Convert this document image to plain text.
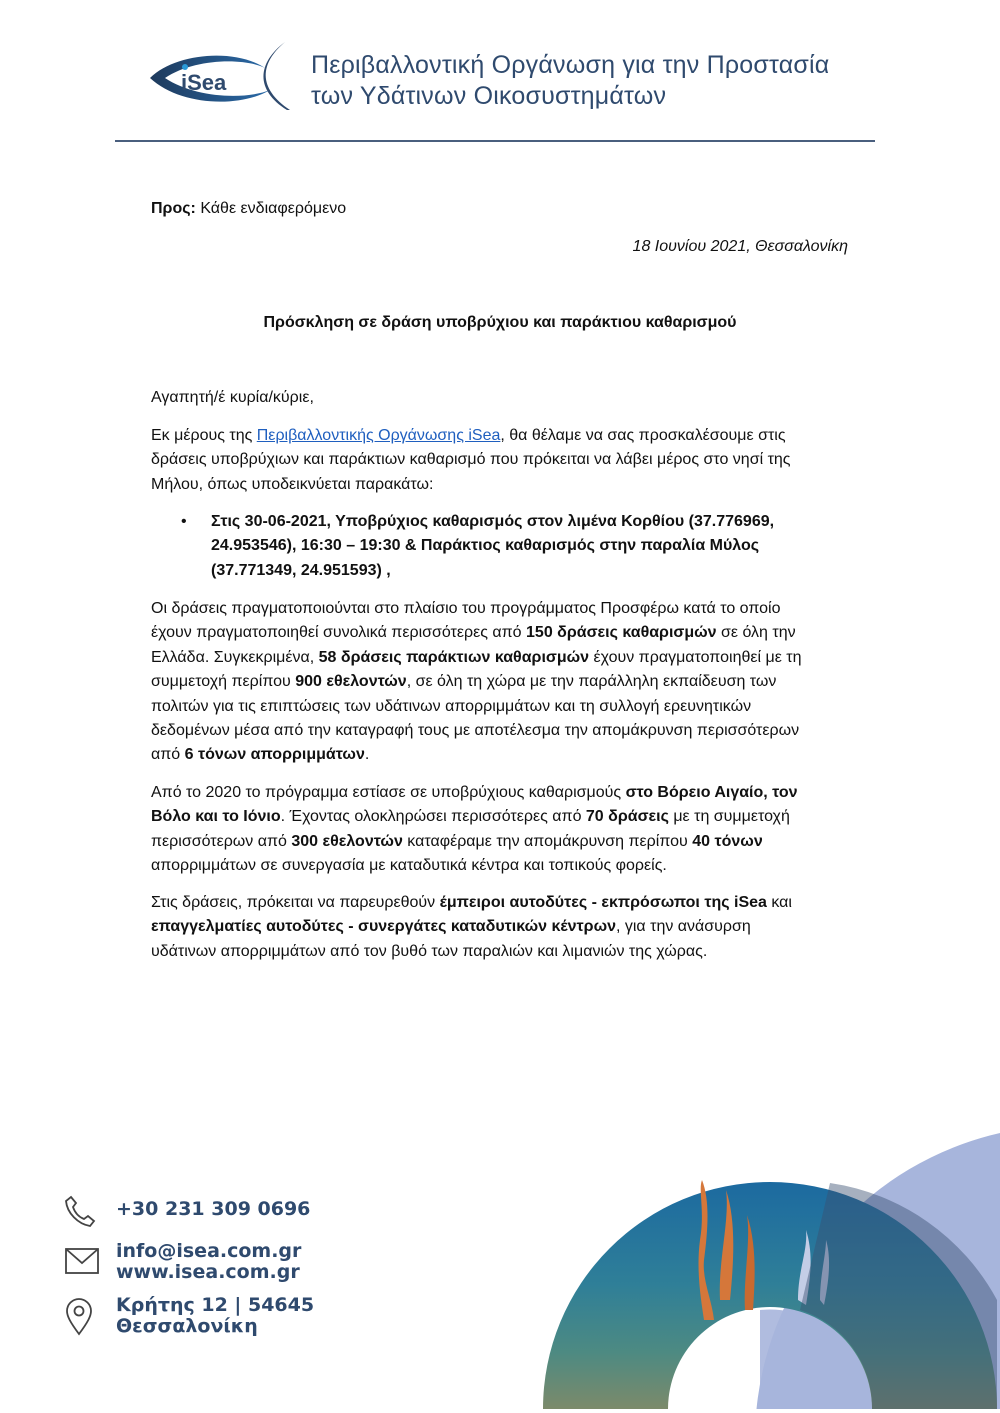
iSea
Περιβαλλοντική Οργάνωση για την Προστασία
των Υδάτινων Οικοσυστημάτων
Προς: Κάθε ενδιαφερόμενο
18 Ιουνίου 2021, Θεσσαλονίκη
Πρόσκληση σε δράση υποβρύχιου και παράκτιου καθαρισμού
Αγαπητή/έ κυρία/κύριε,
Εκ μέρους της Περιβαλλοντικής Οργάνωσης iSea, θα θέλαμε να σας προσκαλέσουμε στις
δράσεις υποβρύχιων και παράκτιων καθαρισμό που πρόκειται να λάβει μέρος στο νησί της
Μήλου, όπως υποδεικνύεται παρακάτω:
• Στις 30-06-2021, Υποβρύχιος καθαρισμός στον λιμένα Κορθίου (37.776969,
24.953546), 16:30 – 19:30 & Παράκτιος καθαρισμός στην παραλία Μύλος
(37.771349, 24.951593) ,
Οι δράσεις πραγματοποιούνται στο πλαίσιο του προγράμματος Προσφέρω κατά το οποίο
έχουν πραγματοποιηθεί συνολικά περισσότερες από 150 δράσεις καθαρισμών σε όλη την
Ελλάδα. Συγκεκριμένα, 58 δράσεις παράκτιων καθαρισμών έχουν πραγματοποιηθεί με τη
συμμετοχή περίπου 900 εθελοντών, σε όλη τη χώρα με την παράλληλη εκπαίδευση των
πολιτών για τις επιπτώσεις των υδάτινων απορριμμάτων και τη συλλογή ερευνητικών
δεδομένων μέσα από την καταγραφή τους με αποτέλεσμα την απομάκρυνση περισσότερων
από 6 τόνων απορριμμάτων.
Από το 2020 το πρόγραμμα εστίασε σε υποβρύχιους καθαρισμούς στο Βόρειο Αιγαίο, τον
Βόλο και το Ιόνιο. Έχοντας ολοκληρώσει περισσότερες από 70 δράσεις με τη συμμετοχή
περισσότερων από 300 εθελοντών καταφέραμε την απομάκρυνση περίπου 40 τόνων
απορριμμάτων σε συνεργασία με καταδυτικά κέντρα και τοπικούς φορείς.
Στις δράσεις, πρόκειται να παρευρεθούν έμπειροι αυτοδύτες - εκπρόσωποι της iSea και
επαγγελματίες αυτοδύτες - συνεργάτες καταδυτικών κέντρων, για την ανάσυρση
υδάτινων απορριμμάτων από τον βυθό των παραλιών και λιμανιών της χώρας.
+30 231 309 0696
info@isea.com.gr
www.isea.com.gr
Κρήτης 12 | 54645
Θεσσαλονίκη
